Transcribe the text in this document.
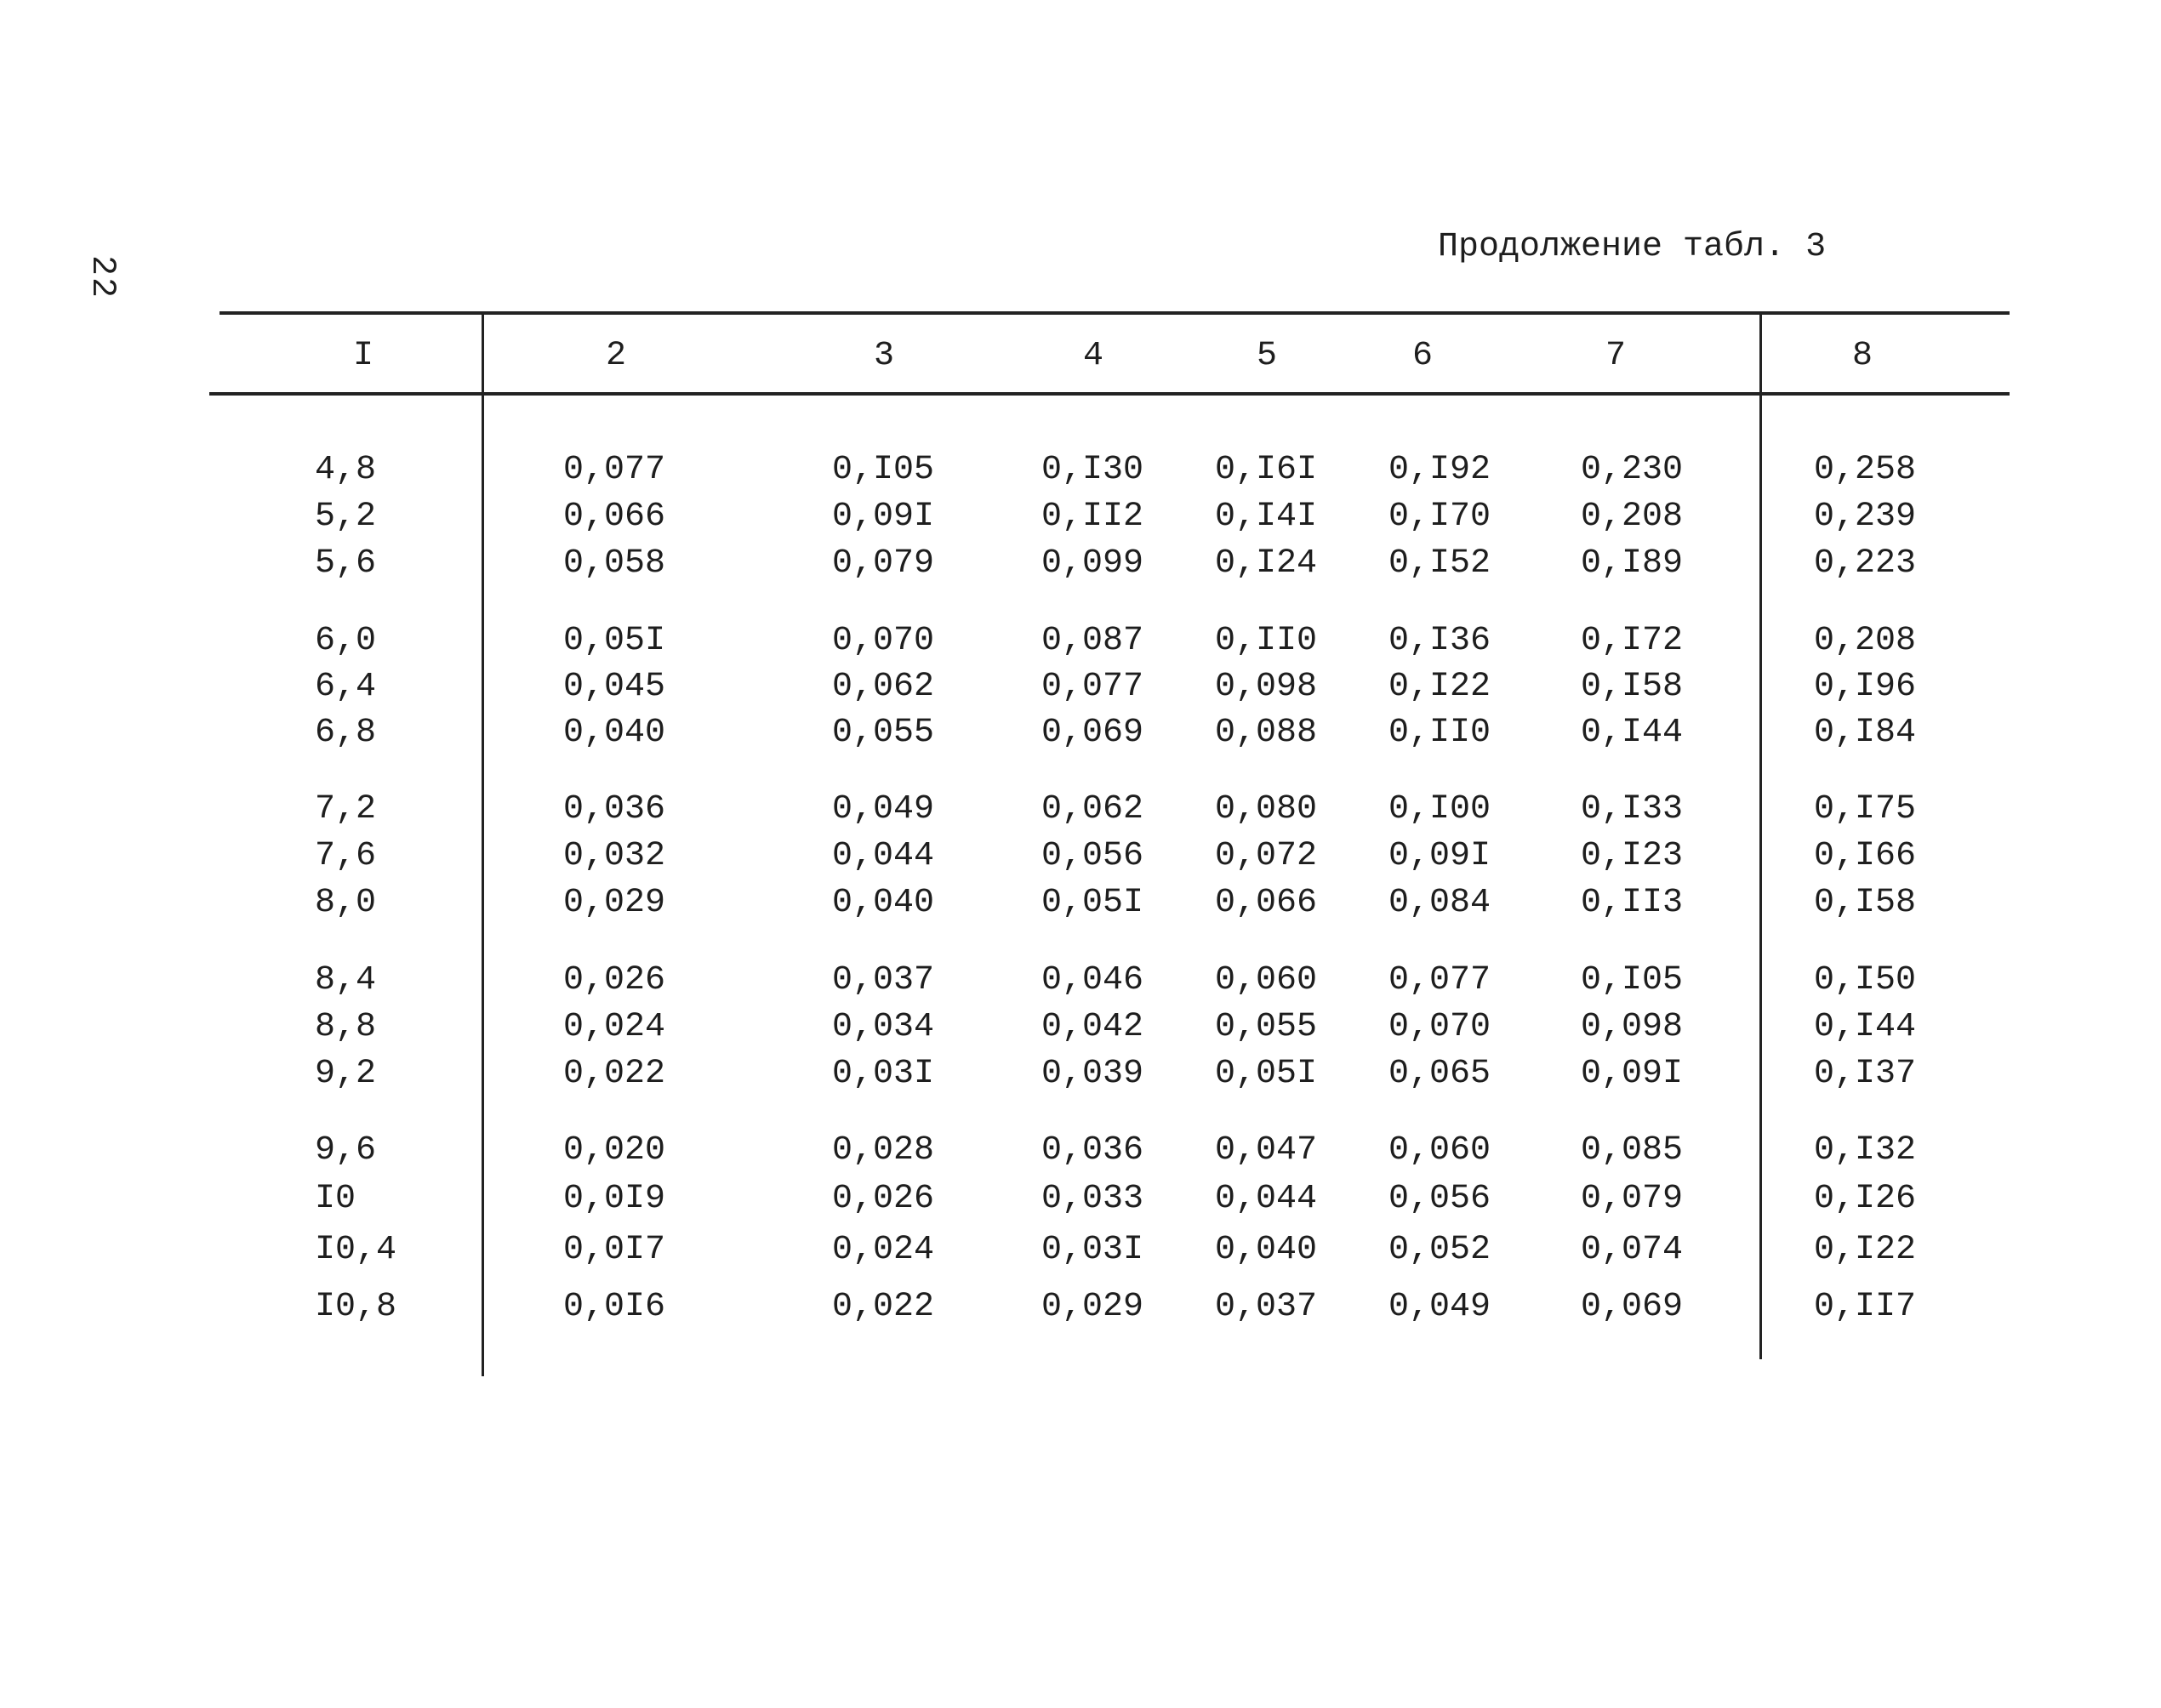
22
Продолжение табл. 3
I	2	3	4	5	6	7	8
4,8	0,077	0,I05	0,I30 0,I6I 0,I92	0,230	0,258
5,2	0,066	0,09I	0,II2 0,I4I 0,I70	0,208	0,239
5,6	0,058	0,079	0,099 0,I24 0,I52	0,I89	0,223
6,0	0,05I	0,070	0,087 0,II0 0,I36	0,I72	0,208
6,4	0,045	0,062	0,077 0,098 0,I22	0,I58	0,I96
6,8	0,040	0,055	0,069 0,088 0,II0	0,I44	0,I84
7,2	0,036	0,049	0,062 0,080 0,I00	0,I33	0,I75
7,6	0,032	0,044	0,056 0,072 0,09I	0,I23	0,I66
8,0	0,029	0,040	0,05I 0,066 0,084	0,II3	0,I58
8,4	0,026	0,037	0,046 0,060 0,077	0,I05	0,I50
8,8	0,024	0,034	0,042 0,055 0,070	0,098	0,I44
9,2	0,022	0,03I	0,039 0,05I 0,065	0,09I	0,I37
9,6	0,020	0,028	0,036 0,047 0,060	0,085	0,I32
I0	0,0I9	0,026	0,033 0,044 0,056	0,079	0,I26
I0,4	0,0I7	0,024	0,03I 0,040 0,052	0,074	0,I22
I0,8	0,0I6	0,022	0,029 0,037 0,049	0,069	0,II7
